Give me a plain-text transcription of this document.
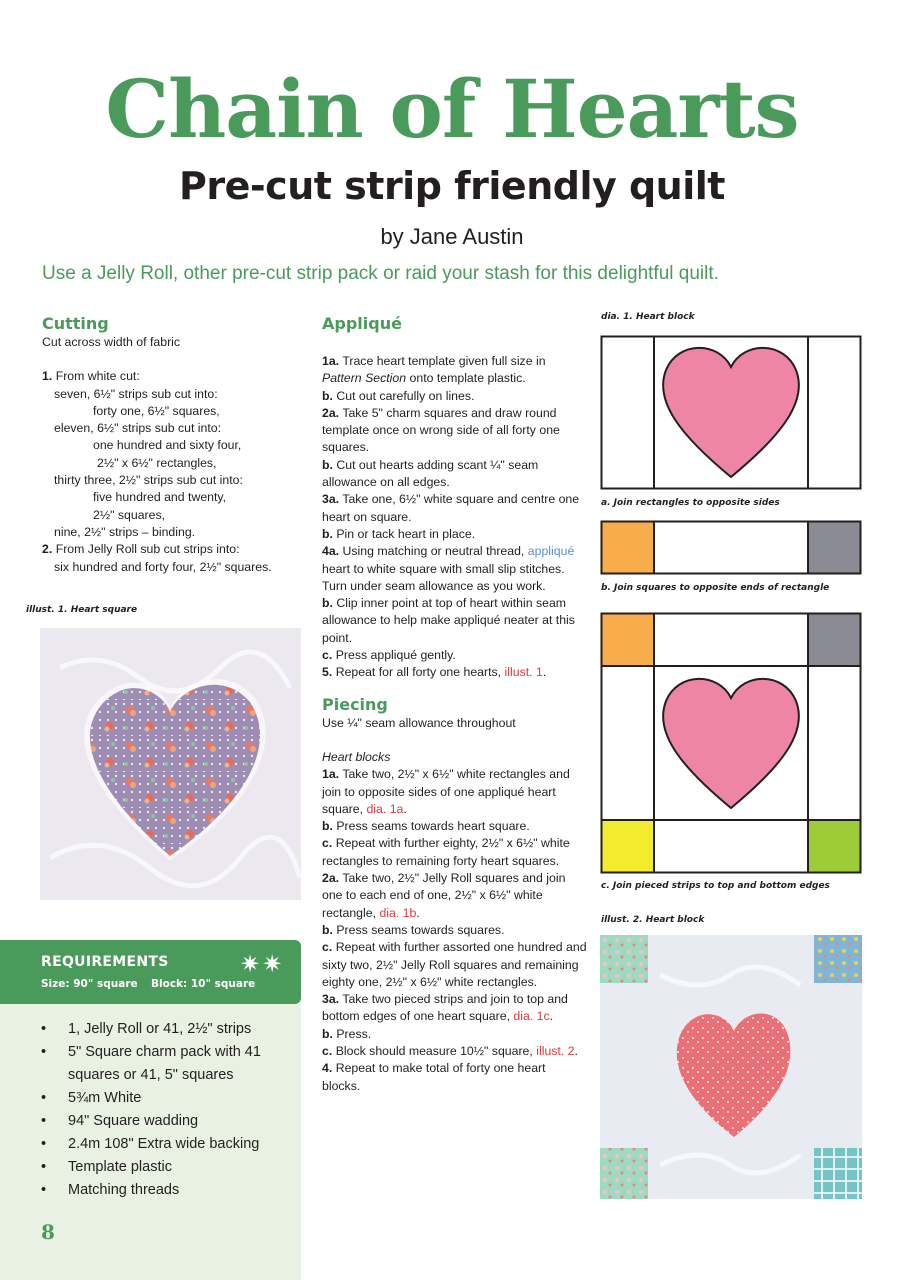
Chain of Hearts
Pre-cut strip friendly quilt
by Jane Austin
Use a Jelly Roll, other pre-cut strip pack or raid your stash for this delightful quilt.
Cutting
Cut across width of fabric
1. From white cut:
seven, 6½" strips sub cut into:
forty one, 6½" squares,
eleven, 6½" strips sub cut into:
one hundred and sixty four,
2½" x 6½" rectangles,
thirty three, 2½" strips sub cut into:
five hundred and twenty,
2½" squares,
nine, 2½" strips – binding.
2. From Jelly Roll sub cut strips into:
six hundred and forty four, 2½" squares.
illust. 1. Heart square
REQUIREMENTS	✷✷
Size: 90" square Block: 10" square
• 1, Jelly Roll or 41, 2½" strips
• 5" Square charm pack with 41 squares or 41, 5" squares
• 5¾m White
• 94" Square wadding
• 2.4m 108" Extra wide backing
• Template plastic
• Matching threads
8
Appliqué
1a. Trace heart template given full size in Pattern Section onto template plastic.
b. Cut out carefully on lines.
2a. Take 5" charm squares and draw round template once on wrong side of all forty one squares.
b. Cut out hearts adding scant ¼" seam allowance on all edges.
3a. Take one, 6½" white square and centre one heart on square.
b. Pin or tack heart in place.
4a. Using matching or neutral thread, appliqué heart to white square with small slip stitches. Turn under seam allowance as you work.
b. Clip inner point at top of heart within seam allowance to help make appliqué neater at this point.
c. Press appliqué gently.
5. Repeat for all forty one hearts, illust. 1.
Piecing
Use ¼" seam allowance throughout
Heart blocks
1a. Take two, 2½" x 6½" white rectangles and join to opposite sides of one appliqué heart square, dia. 1a.
b. Press seams towards heart square.
c. Repeat with further eighty, 2½" x 6½" white rectangles to remaining forty heart squares.
2a. Take two, 2½" Jelly Roll squares and join one to each end of one, 2½" x 6½" white rectangle, dia. 1b.
b. Press seams towards squares.
c. Repeat with further assorted one hundred and sixty two, 2½" Jelly Roll squares and remaining eighty one, 2½" x 6½" white rectangles.
3a. Take two pieced strips and join to top and bottom edges of one heart square, dia. 1c.
b. Press.
c. Block should measure 10½" square, illust. 2.
4. Repeat to make total of forty one heart blocks.
dia. 1. Heart block
a. Join rectangles to opposite sides
b. Join squares to opposite ends of rectangle
c. Join pieced strips to top and bottom edges
illust. 2. Heart block
